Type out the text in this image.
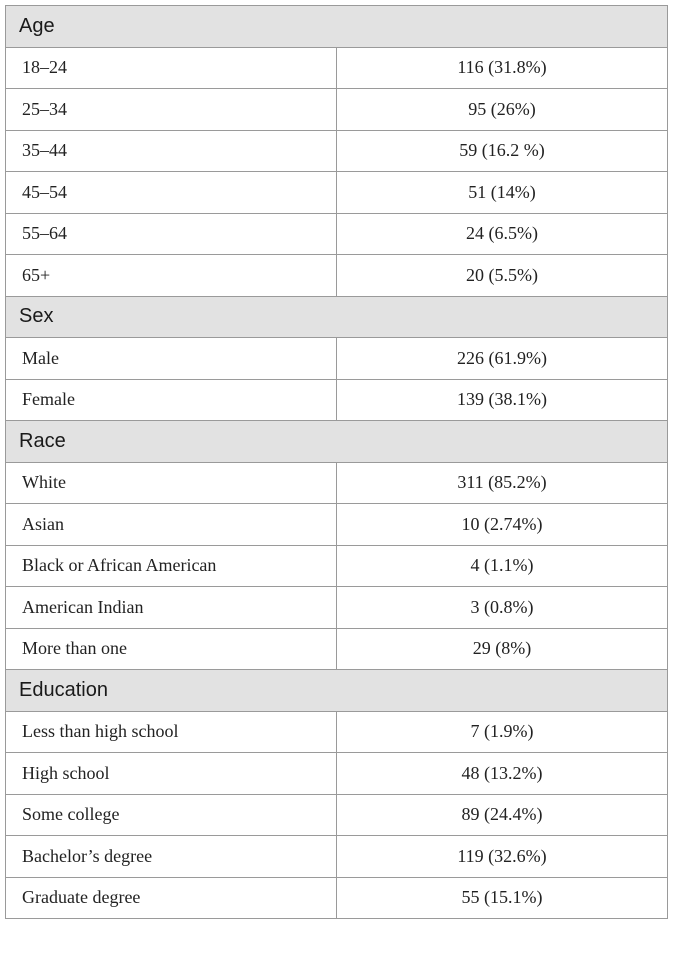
Age	
18–24	116 (31.8%)
25–34	95 (26%)
35–44	59 (16.2 %)
45–54	51 (14%)
55–64	24 (6.5%)
65+	20 (5.5%)
Sex	
Male	226 (61.9%)
Female	139 (38.1%)
Race	
White	311 (85.2%)
Asian	10 (2.74%)
Black or African American	4 (1.1%)
American Indian	3 (0.8%)
More than one	29 (8%)
Education	
Less than high school	7 (1.9%)
High school	48 (13.2%)
Some college	89 (24.4%)
Bachelor’s degree	119 (32.6%)
Graduate degree	55 (15.1%)
